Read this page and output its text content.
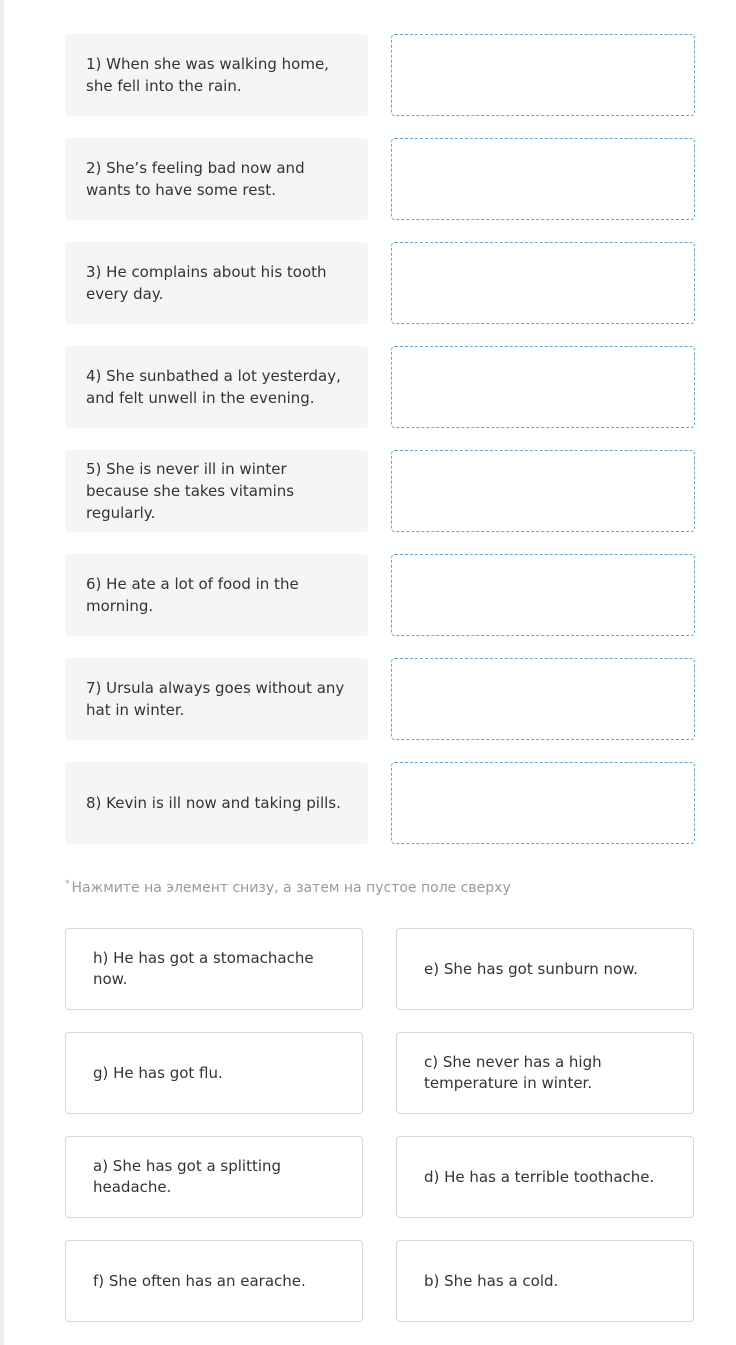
1) When she was walking home, she fell into the rain.
2) She’s feeling bad now and wants to have some rest.
3) He complains about his tooth every day.
4) She sunbathed a lot yesterday, and felt unwell in the evening.
5) She is never ill in winter because she takes vitamins regularly.
6) He ate a lot of food in the morning.
7) Ursula always goes without any hat in winter.
8) Kevin is ill now and taking pills.
* Нажмите на элемент снизу, а затем на пустое поле сверху
h) He has got a stomachache now.
e) She has got sunburn now.
g) He has got flu.
c) She never has a high temperature in winter.
a) She has got a splitting headache.
d) He has a terrible toothache.
f) She often has an earache.	b) She has a cold.
